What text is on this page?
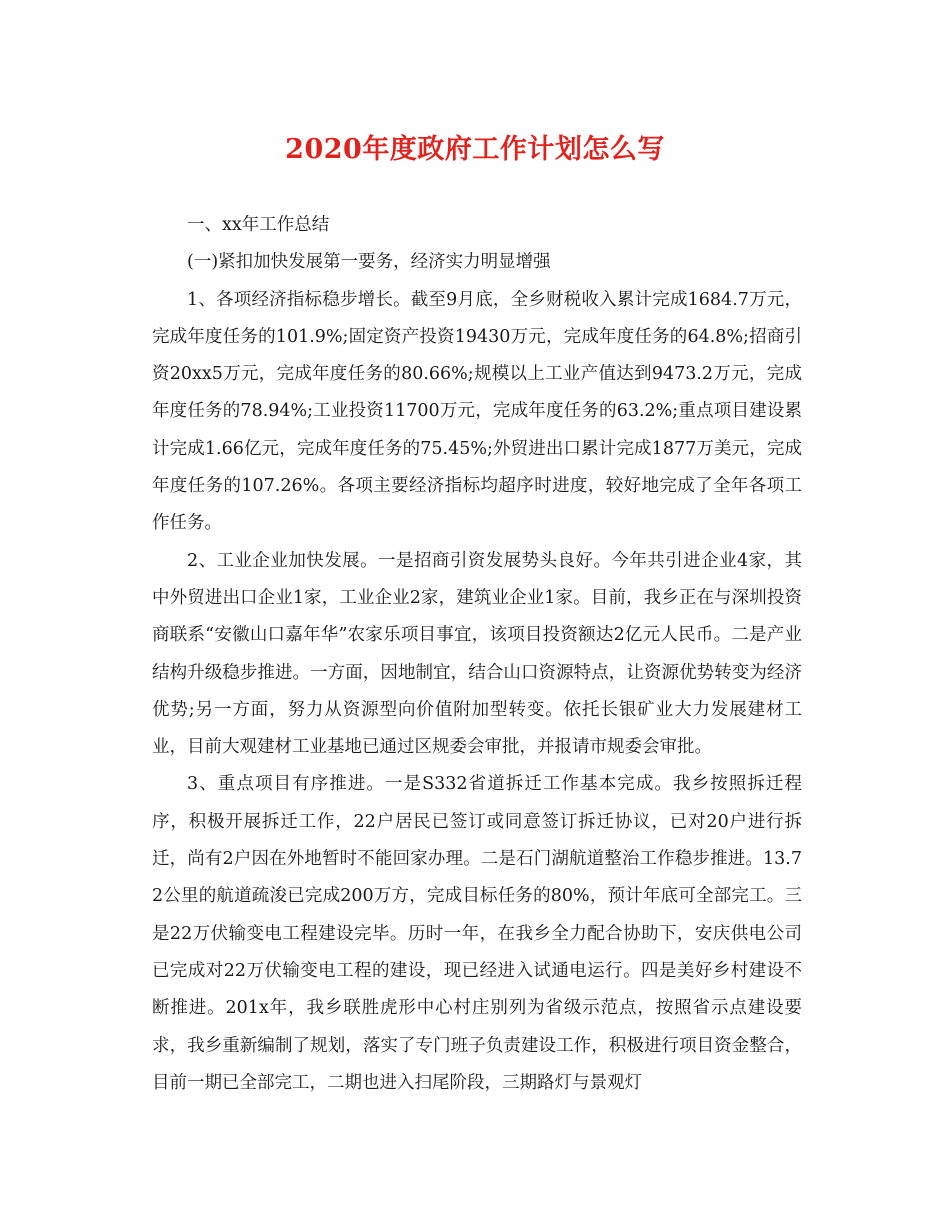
2020年度政府工作计划怎么写

一、xx年工作总结

(一)紧扣加快发展第一要务，经济实力明显增强

1、各项经济指标稳步增长。截至9月底，全乡财税收入累计完成1684.7万元，完成年度任务的101.9%;固定资产投资19430万元，完成年度任务的64.8%;招商引资20xx5万元，完成年度任务的80.66%;规模以上工业产值达到9473.2万元，完成年度任务的78.94%;工业投资11700万元，完成年度任务的63.2%;重点项目建设累计完成1.66亿元，完成年度任务的75.45%;外贸进出口累计完成1877万美元，完成年度任务的107.26%。各项主要经济指标均超序时进度，较好地完成了全年各项工作任务。

2、工业企业加快发展。一是招商引资发展势头良好。今年共引进企业4家，其中外贸进出口企业1家，工业企业2家，建筑业企业1家。目前，我乡正在与深圳投资商联系“安徽山口嘉年华”农家乐项目事宜，该项目投资额达2亿元人民币。二是产业结构升级稳步推进。一方面，因地制宜，结合山口资源特点，让资源优势转变为经济优势;另一方面，努力从资源型向价值附加型转变。依托长银矿业大力发展建材工业，目前大观建材工业基地已通过区规委会审批，并报请市规委会审批。

3、重点项目有序推进。一是S332省道拆迁工作基本完成。我乡按照拆迁程序，积极开展拆迁工作，22户居民已签订或同意签订拆迁协议，已对20户进行拆迁，尚有2户因在外地暂时不能回家办理。二是石门湖航道整治工作稳步推进。13.72公里的航道疏浚已完成200万方，完成目标任务的80%，预计年底可全部完工。三是22万伏输变电工程建设完毕。历时一年，在我乡全力配合协助下，安庆供电公司已完成对22万伏输变电工程的建设，现已经进入试通电运行。四是美好乡村建设不断推进。201x年，我乡联胜虎形中心村庄别列为省级示范点，按照省示点建设要求，我乡重新编制了规划，落实了专门班子负责建设工作，积极进行项目资金整合，目前一期已全部完工，二期也进入扫尾阶段，三期路灯与景观灯
